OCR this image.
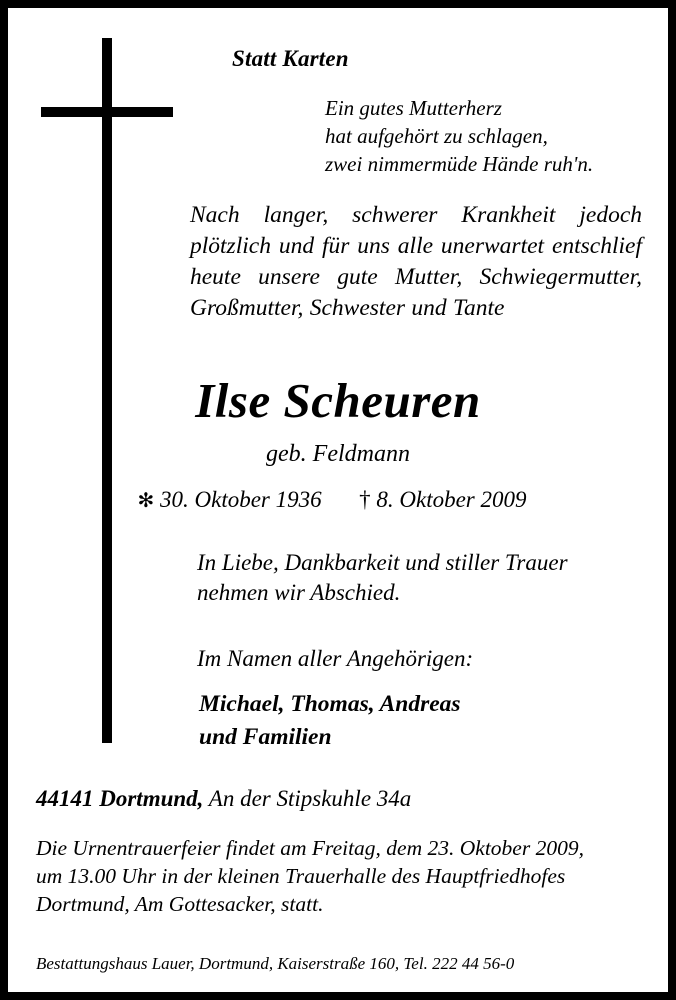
Statt Karten
Ein gutes Mutterherz
hat aufgehört zu schlagen,
zwei nimmermüde Hände ruh'n.
Nach langer, schwerer Krankheit jedoch plötzlich und für uns alle unerwartet entschlief heute unsere gute Mutter, Schwiegermutter, Großmutter, Schwester und Tante
Ilse Scheuren
geb. Feldmann
✻ 30. Oktober 1936 † 8. Oktober 2009
In Liebe, Dankbarkeit und stiller Trauer
nehmen wir Abschied.
Im Namen aller Angehörigen:
Michael, Thomas, Andreas
und Familien
44141 Dortmund, An der Stipskuhle 34a
Die Urnentrauerfeier findet am Freitag, dem 23. Oktober 2009,
um 13.00 Uhr in der kleinen Trauerhalle des Hauptfriedhofes
Dortmund, Am Gottesacker, statt.
Bestattungshaus Lauer, Dortmund, Kaiserstraße 160, Tel. 222 44 56-0
